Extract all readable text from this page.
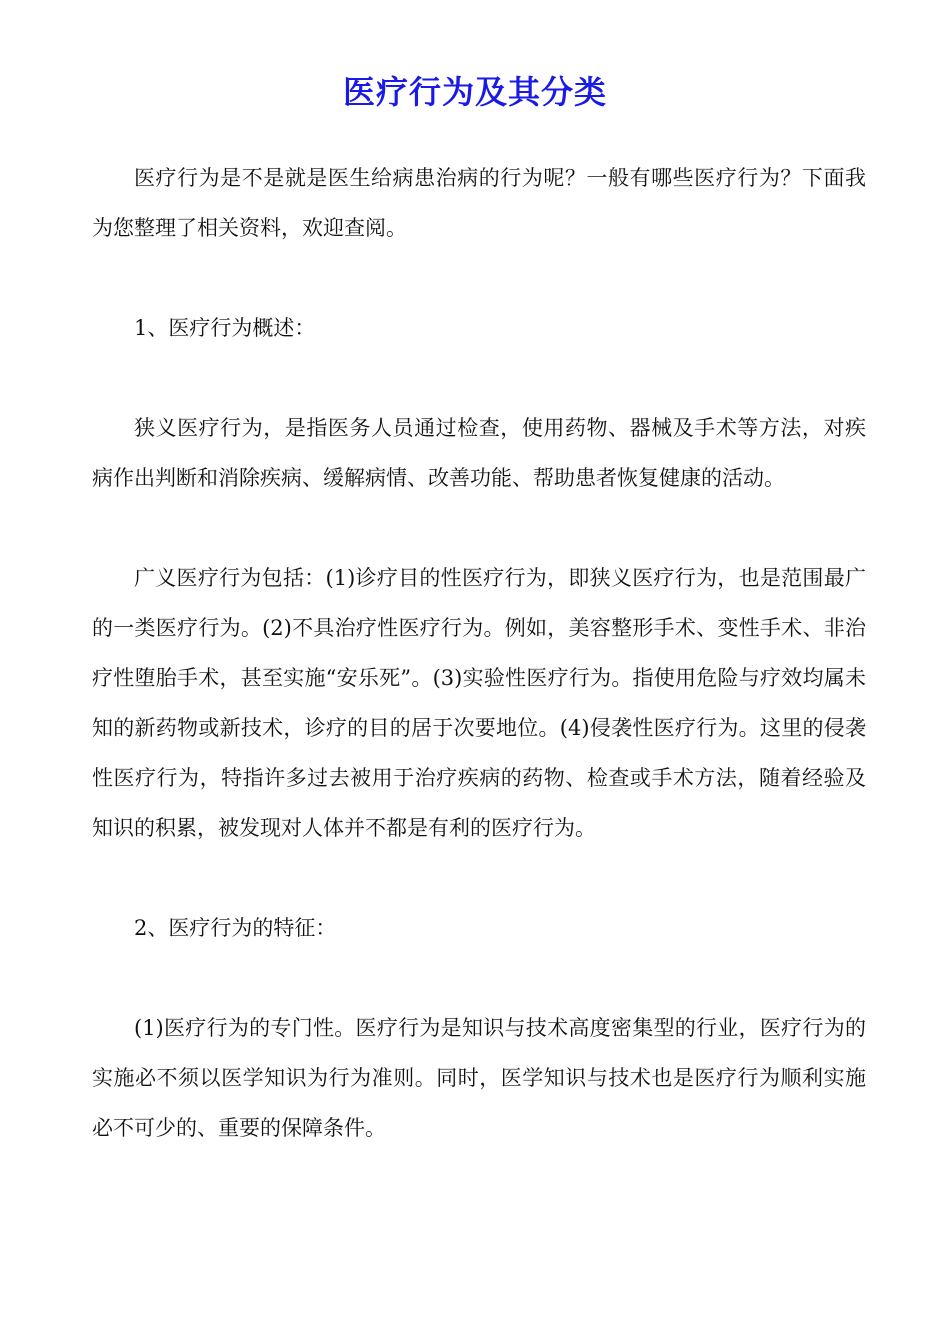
医疗行为及其分类

医疗行为是不是就是医生给病患治病的行为呢？一般有哪些医疗行为？下面我为您整理了相关资料，欢迎查阅。

1、医疗行为概述：

狭义医疗行为，是指医务人员通过检查，使用药物、器械及手术等方法，对疾病作出判断和消除疾病、缓解病情、改善功能、帮助患者恢复健康的活动。

广义医疗行为包括：(1)诊疗目的性医疗行为，即狭义医疗行为，也是范围最广的一类医疗行为。(2)不具治疗性医疗行为。例如，美容整形手术、变性手术、非治疗性堕胎手术，甚至实施“安乐死”。(3)实验性医疗行为。指使用危险与疗效均属未知的新药物或新技术，诊疗的目的居于次要地位。(4)侵袭性医疗行为。这里的侵袭性医疗行为，特指许多过去被用于治疗疾病的药物、检查或手术方法，随着经验及知识的积累，被发现对人体并不都是有利的医疗行为。

2、医疗行为的特征：

(1)医疗行为的专门性。医疗行为是知识与技术高度密集型的行业，医疗行为的实施必不须以医学知识为行为准则。同时，医学知识与技术也是医疗行为顺利实施必不可少的、重要的保障条件。
